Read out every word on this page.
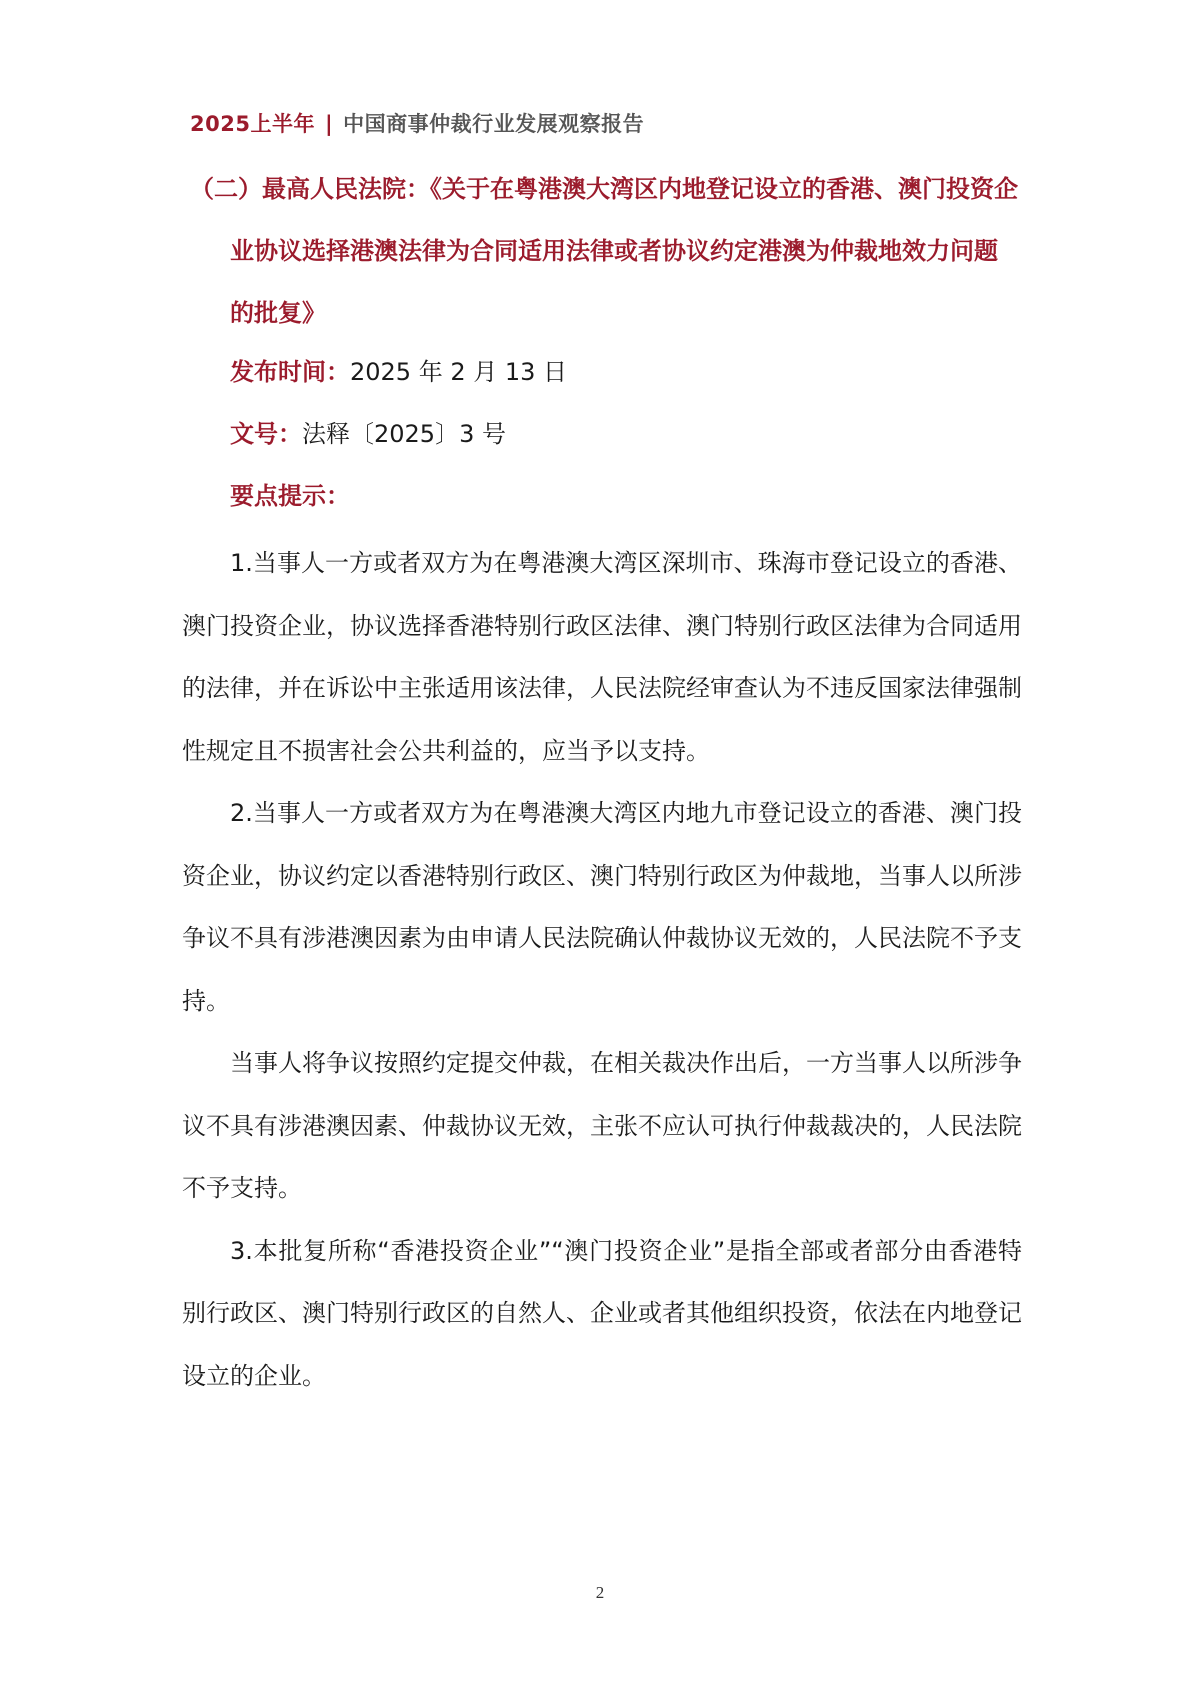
2025上半年 | 中国商事仲裁行业发展观察报告
（二）最高人民法院：《关于在粤港澳大湾区内地登记设立的香港、澳门投资企
业协议选择港澳法律为合同适用法律或者协议约定港澳为仲裁地效力问题
的批复》
发布时间：2025 年 2 月 13 日
文号：法释〔2025〕3 号
要点提示：

1.当事人一方或者双方为在粤港澳大湾区深圳市、珠海市登记设立的香港、澳门投资企业，协议选择香港特别行政区法律、澳门特别行政区法律为合同适用的法律，并在诉讼中主张适用该法律，人民法院经审查认为不违反国家法律强制性规定且不损害社会公共利益的，应当予以支持。

2.当事人一方或者双方为在粤港澳大湾区内地九市登记设立的香港、澳门投资企业，协议约定以香港特别行政区、澳门特别行政区为仲裁地，当事人以所涉争议不具有涉港澳因素为由申请人民法院确认仲裁协议无效的，人民法院不予支持。

当事人将争议按照约定提交仲裁，在相关裁决作出后，一方当事人以所涉争议不具有涉港澳因素、仲裁协议无效，主张不应认可执行仲裁裁决的，人民法院不予支持。

3.本批复所称“香港投资企业”“澳门投资企业”是指全部或者部分由香港特别行政区、澳门特别行政区的自然人、企业或者其他组织投资，依法在内地登记设立的企业。

2
